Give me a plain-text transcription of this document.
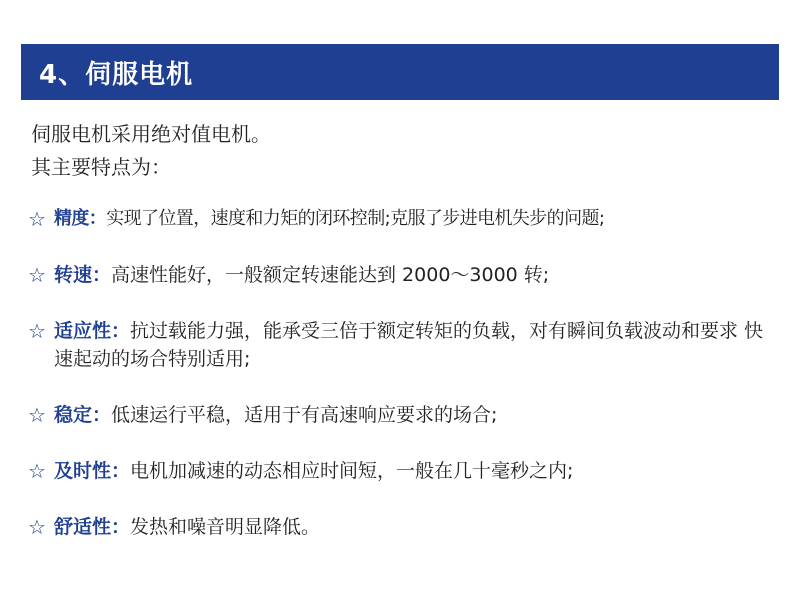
4、伺服电机
伺服电机采用绝对值电机。
其主要特点为：
☆ 精度：实现了位置，速度和力矩的闭环控制;克服了步进电机失步的问题;
☆ 转速：高速性能好，一般额定转速能达到 2000～3000 转;
☆ 适应性：抗过载能力强，能承受三倍于额定转矩的负载，对有瞬间负载波动和要求 快速起动的场合特别适用;
☆ 稳定：低速运行平稳，适用于有高速响应要求的场合;
☆ 及时性：电机加减速的动态相应时间短，一般在几十毫秒之内;
☆ 舒适性：发热和噪音明显降低。
